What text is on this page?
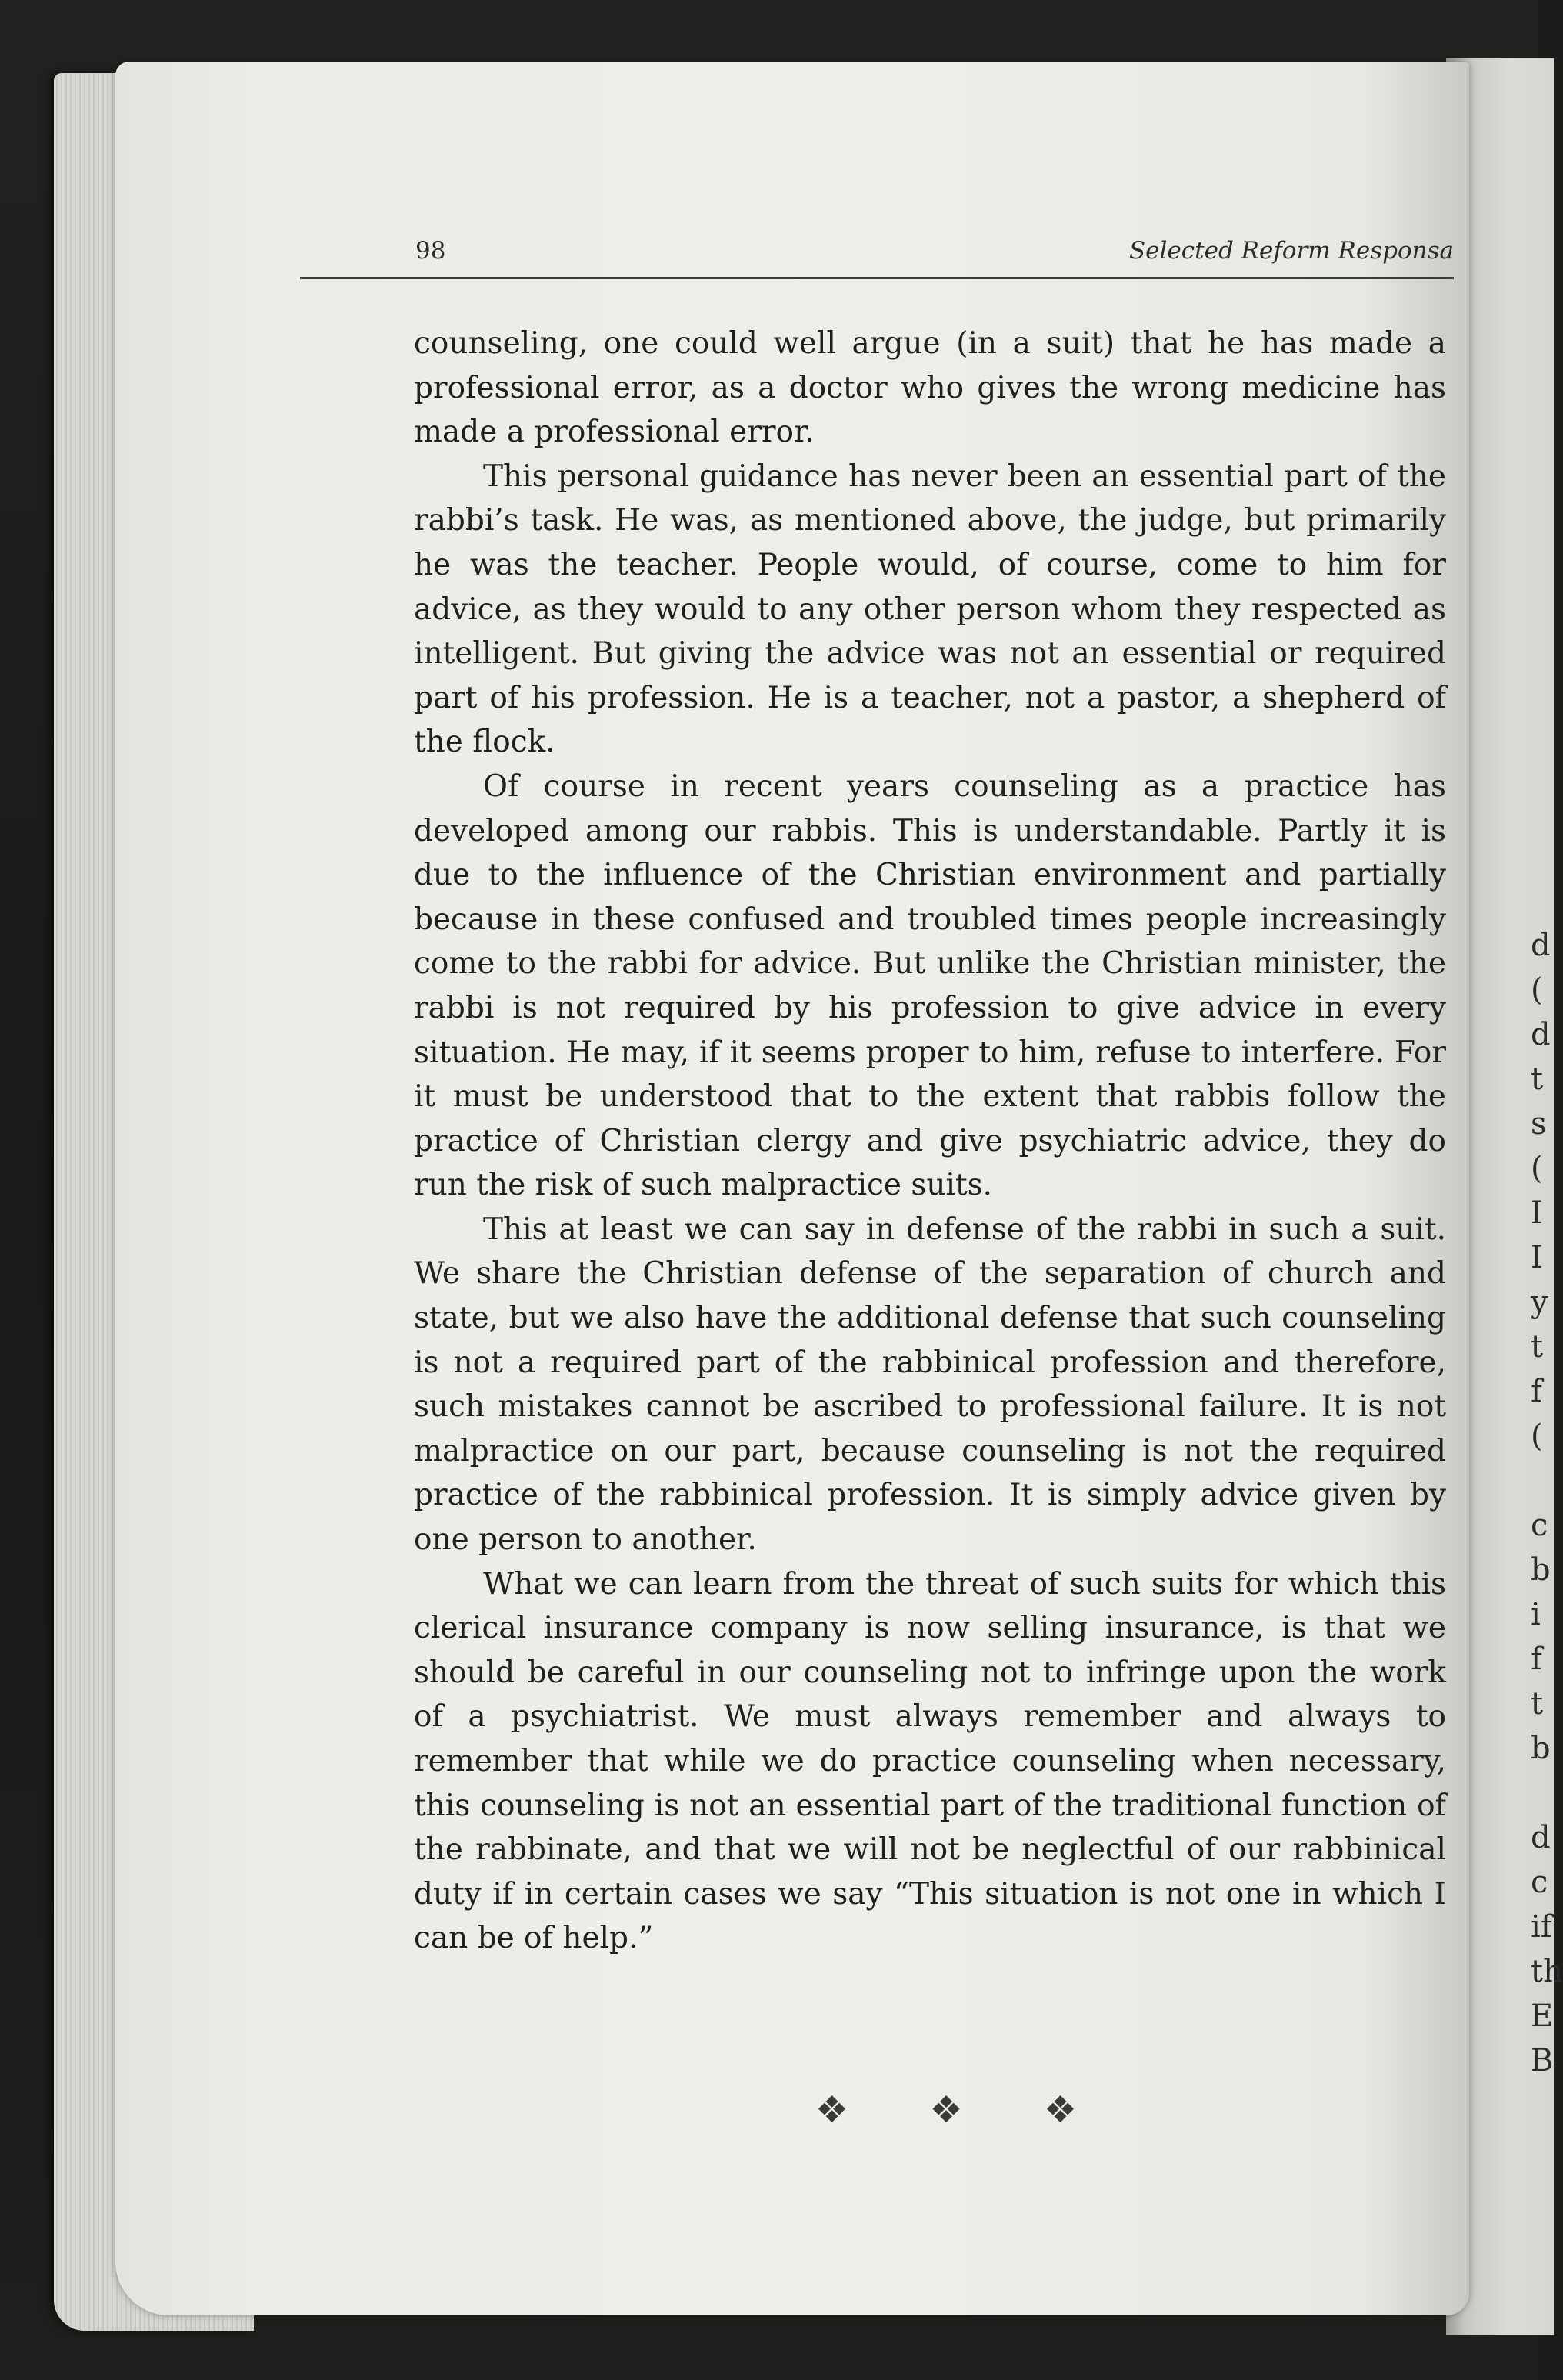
d
(
d
t
s
(
I
I
y
t
f
(

c
b
i
f
t
b

d
c
if
th
E
B
98	Selected Reform Responsa

counseling, one could well argue (in a suit) that he has made a professional error, as a doctor who gives the wrong medicine has made a professional error.

This personal guidance has never been an essential part of the rabbi’s task. He was, as mentioned above, the judge, but primarily he was the teacher. People would, of course, come to him for advice, as they would to any other person whom they respected as intelligent. But giving the advice was not an essential or required part of his profession. He is a teacher, not a pastor, a shepherd of the flock.

Of course in recent years counseling as a practice has developed among our rabbis. This is understandable. Partly it is due to the influence of the Christian environment and partially because in these confused and troubled times people increasingly come to the rabbi for advice. But unlike the Christian minister, the rabbi is not required by his profession to give advice in every situation. He may, if it seems proper to him, refuse to interfere. For it must be understood that to the extent that rabbis follow the practice of Christian clergy and give psychiatric advice, they do run the risk of such malpractice suits.

This at least we can say in defense of the rabbi in such a suit. We share the Christian defense of the separation of church and state, but we also have the additional defense that such counseling is not a required part of the rabbinical profession and therefore, such mistakes cannot be ascribed to professional failure. It is not malpractice on our part, because counseling is not the required practice of the rabbinical profession. It is simply advice given by one person to another.

What we can learn from the threat of such suits for which this clerical insurance company is now selling insurance, is that we should be careful in our counseling not to infringe upon the work of a psychiatrist. We must always remember and always to remember that while we do practice counseling when necessary, this counseling is not an essential part of the traditional function of the rabbinate, and that we will not be neglectful of our rabbinical duty if in certain cases we say “This situation is not one in which I can be of help.”

❖ ❖ ❖
